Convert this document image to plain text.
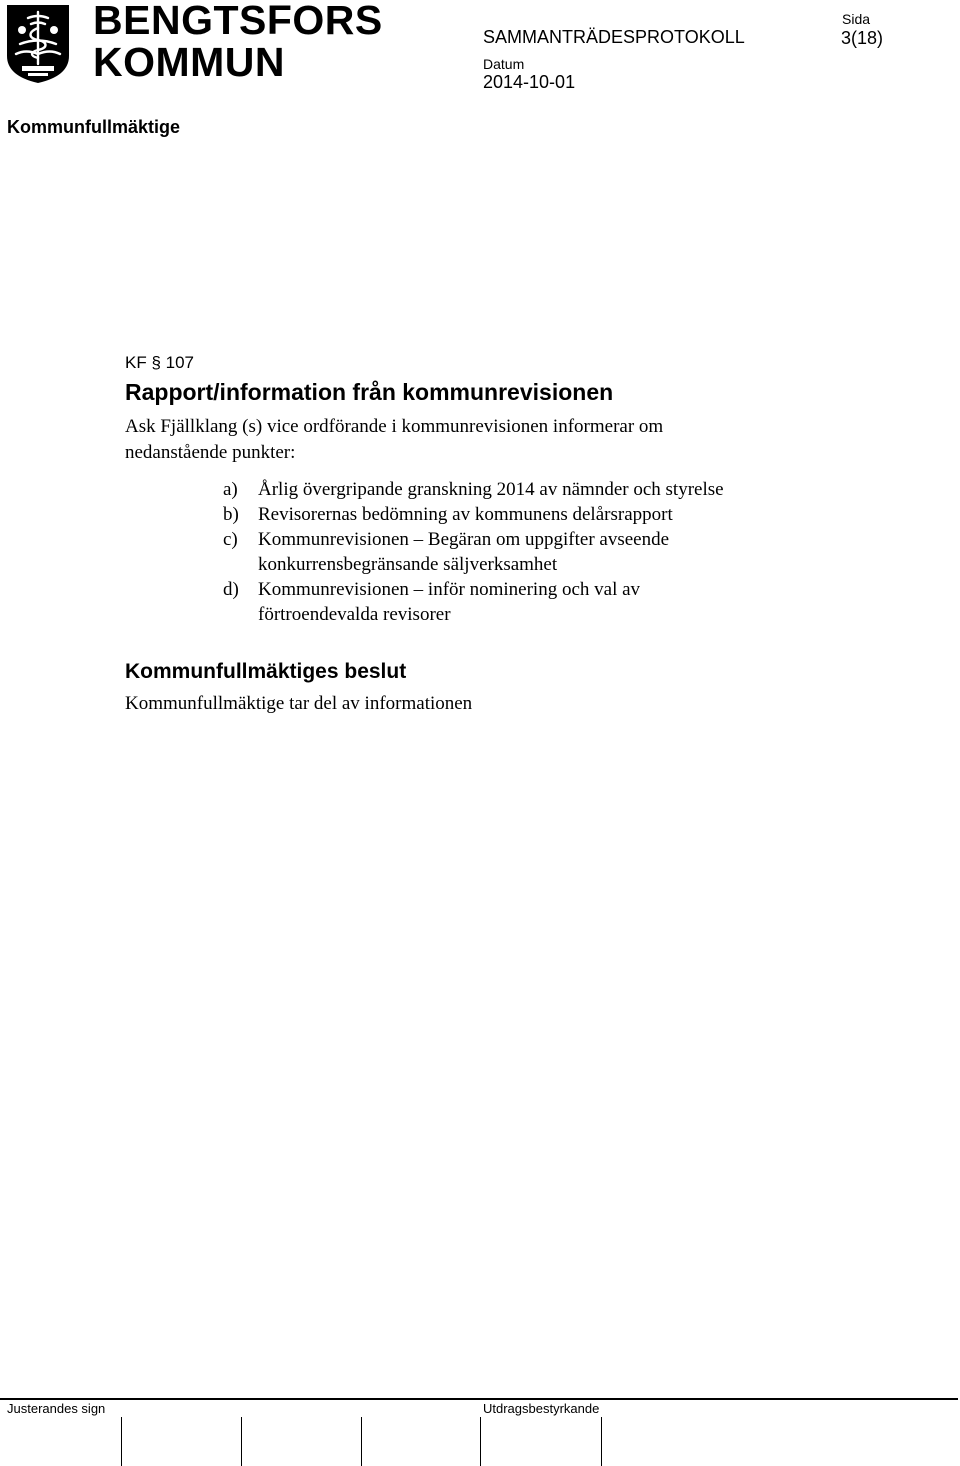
BENGTSFORS
KOMMUN
SAMMANTRÄDESPROTOKOLL
Sida
3(18)
Datum
2014-10-01
Kommunfullmäktige
KF § 107
Rapport/information från kommunrevisionen
Ask Fjällklang (s) vice ordförande i kommunrevisionen informerar om
nedanstående punkter:
a) Årlig övergripande granskning 2014 av nämnder och styrelse
b) Revisorernas bedömning av kommunens delårsrapport
c) Kommunrevisionen – Begäran om uppgifter avseende
konkurrensbegränsande säljverksamhet
d) Kommunrevisionen – inför nominering och val av
förtroendevalda revisorer
Kommunfullmäktiges beslut
Kommunfullmäktige tar del av informationen
Justerandes sign	Utdragsbestyrkande
